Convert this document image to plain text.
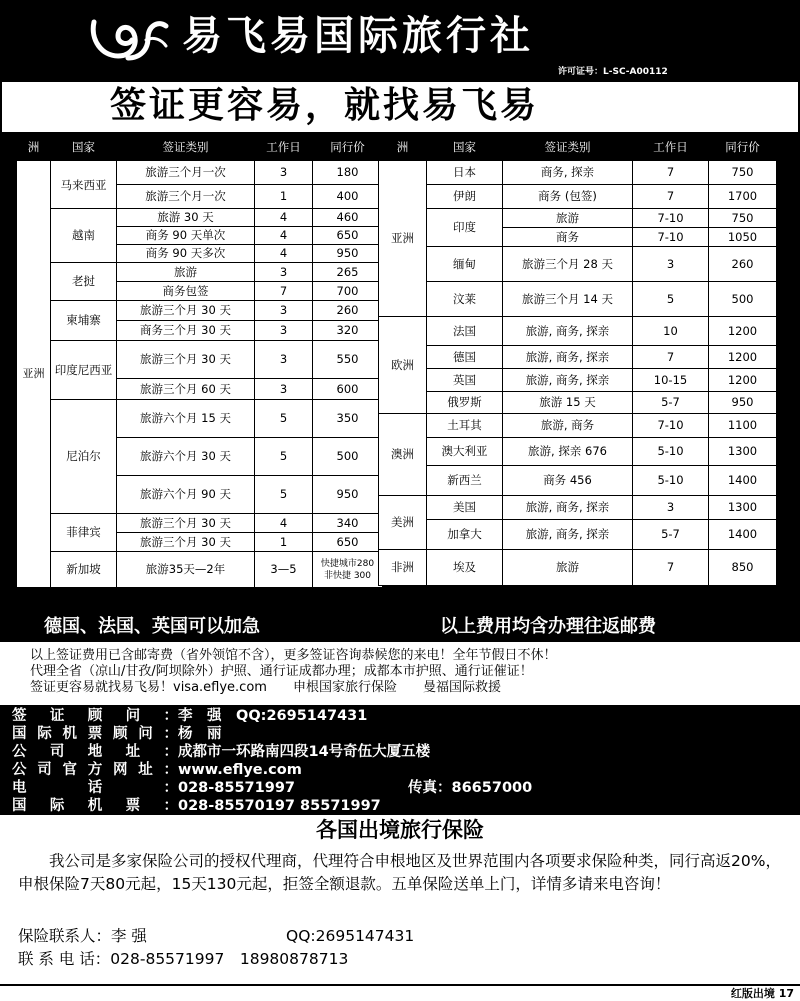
易飞易国际旅行社
许可证号：L-SC-A00112
签证更容易，就找易飞易
洲	国家	签证类别	工作日	同行价
亚洲	马来西亚	旅游三个月一次	3	180
		旅游三个月一次	1	400
	越南	旅游 30 天	4	460
		商务 90 天单次	4	650
		商务 90 天多次	4	950
	老挝	旅游	3	265
		商务包签	7	700
	柬埔寨	旅游三个月 30 天	3	260
		商务三个月 30 天	3	320
	印度尼西亚	旅游三个月 30 天	3	550
		旅游三个月 60 天	3	600
	尼泊尔	旅游六个月 15 天	5	350
		旅游六个月 30 天	5	500
		旅游六个月 90 天	5	950
	菲律宾	旅游三个月 30 天	4	340
		旅游三个月 30 天	1	650
	新加坡	旅游35天—2年	3—5	快捷城市280
非快捷 300
洲	国家	签证类别	工作日	同行价
亚洲	日本	商务, 探亲	7	750
	伊朗	商务 (包签)	7	1700
	印度	旅游	7-10	750
		商务	7-10	1050
	缅甸	旅游三个月 28 天	3	260
	汶莱	旅游三个月 14 天	5	500
欧洲	法国	旅游, 商务, 探亲	10	1200
	德国	旅游, 商务, 探亲	7	1200
	英国	旅游, 商务, 探亲	10-15	1200
	俄罗斯	旅游 15 天	5-7	950
澳洲	土耳其	旅游, 商务	7-10	1100
	澳大利亚	旅游, 探亲 676	5-10	1300
	新西兰	商务 456	5-10	1400
美洲	美国	旅游, 商务, 探亲	3	1300
	加拿大	旅游, 商务, 探亲	5-7	1400
非洲	埃及	旅游	7	850
德国、法国、英国可以加急	以上费用均含办理往返邮费
以上签证费用已含邮寄费（省外领馆不含），更多签证咨询恭候您的来电！全年节假日不休！
代理全省（凉山/甘孜/阿坝除外）护照、通行证成都办理；成都本市护照、通行证催证！
签证更容易就找易飞易！visa.eflye.com　　申根国家旅行保险　　曼福国际救援
签证顾问：李　强　QQ:2695147431
国际机票顾问：杨　丽
公司地址：成都市一环路南四段14号奇伍大厦五楼
公司官方网址：www.eflye.com
电话：028-85571997	传真：86657000
国际机票：028-85570197 85571997
各国出境旅行保险
我公司是多家保险公司的授权代理商，代理符合申根地区及世界范围内各项要求保险种类，同行高返20%，申根保险7天80元起，15天130元起，拒签全额退款。五单保险送单上门，详情多请来电咨询！
保险联系人：李 强	QQ:2695147431
联 系 电 话：028-85571997　18980878713
红版出境 17
